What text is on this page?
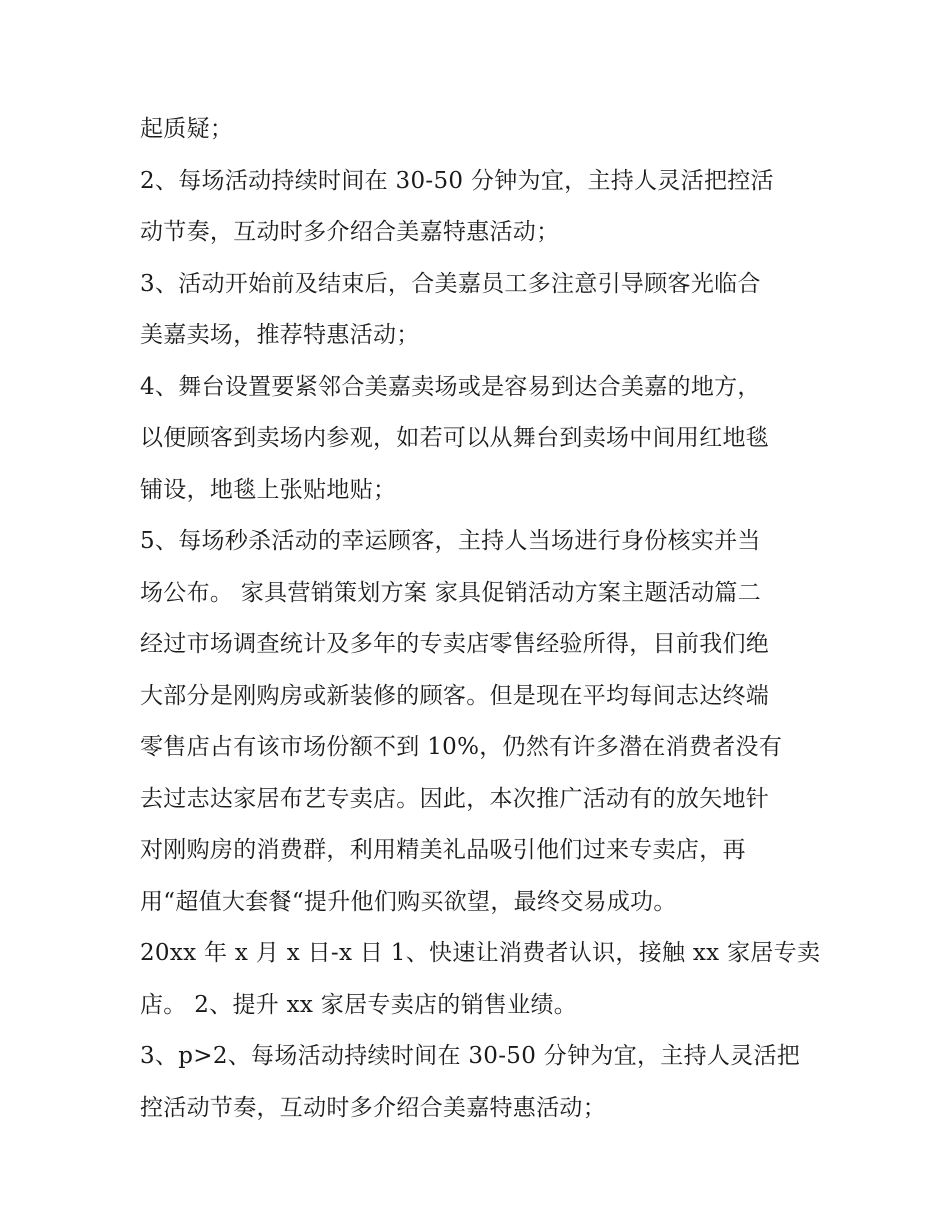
起质疑；
2、每场活动持续时间在 30-50 分钟为宜，主持人灵活把控活
动节奏，互动时多介绍合美嘉特惠活动；
3、活动开始前及结束后，合美嘉员工多注意引导顾客光临合
美嘉卖场，推荐特惠活动；
4、舞台设置要紧邻合美嘉卖场或是容易到达合美嘉的地方，
以便顾客到卖场内参观，如若可以从舞台到卖场中间用红地毯
铺设，地毯上张贴地贴；
5、每场秒杀活动的幸运顾客，主持人当场进行身份核实并当
场公布。 家具营销策划方案 家具促销活动方案主题活动篇二
经过市场调查统计及多年的专卖店零售经验所得，目前我们绝
大部分是刚购房或新装修的顾客。但是现在平均每间志达终端
零售店占有该市场份额不到 10%，仍然有许多潜在消费者没有
去过志达家居布艺专卖店。因此，本次推广活动有的放矢地针
对刚购房的消费群，利用精美礼品吸引他们过来专卖店，再
用“超值大套餐“提升他们购买欲望，最终交易成功。
20xx 年 x 月 x 日-x 日 1、快速让消费者认识，接触 xx 家居专卖
店。 2、提升 xx 家居专卖店的销售业绩。
3、p>2、每场活动持续时间在 30-50 分钟为宜，主持人灵活把
控活动节奏，互动时多介绍合美嘉特惠活动；
